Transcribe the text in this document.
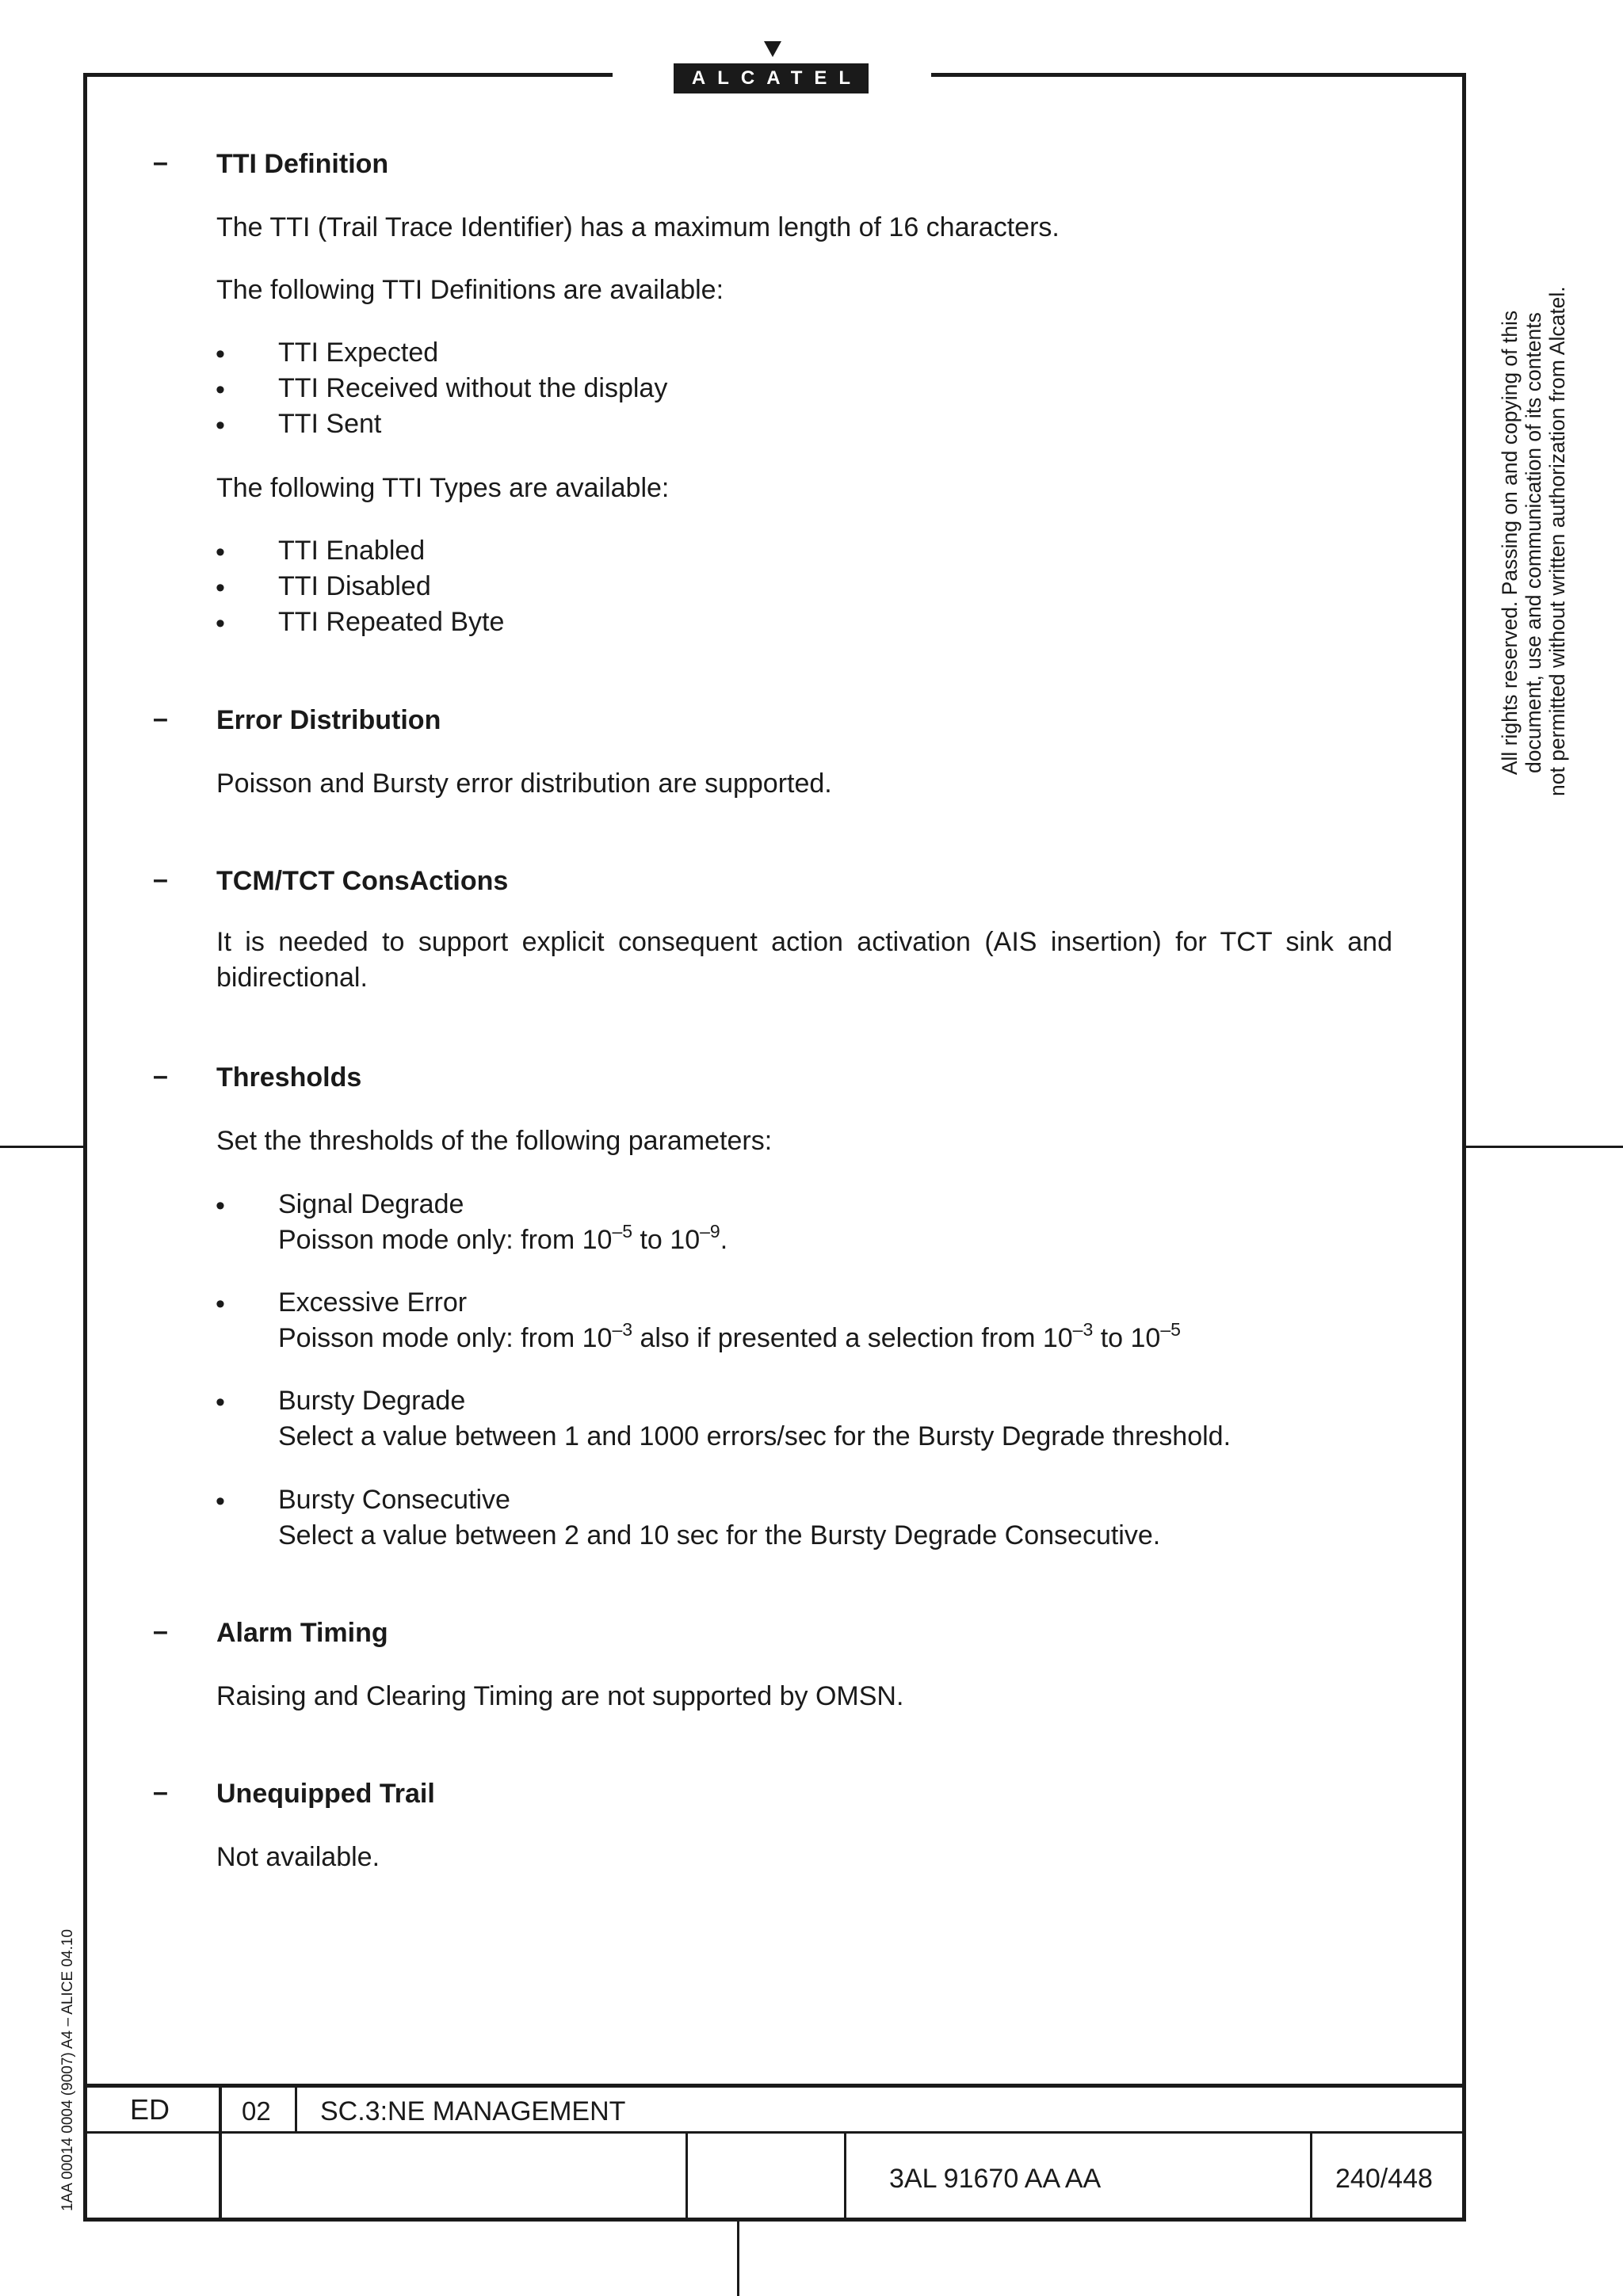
ALCATEL
All rights reserved. Passing on and copying of this document, use and communication of its contents not permitted without written authorization from Alcatel.
1AA 00014 0004 (9007) A4 – ALICE 04.10
– TTI Definition
The TTI (Trail Trace Identifier) has a maximum length of 16 characters.
The following TTI Definitions are available:
• TTI Expected
• TTI Received without the display
• TTI Sent
The following TTI Types are available:
• TTI Enabled
• TTI Disabled
• TTI Repeated Byte
– Error Distribution
Poisson and Bursty error distribution are supported.
– TCM/TCT ConsActions
It is needed to support explicit consequent action activation (AIS insertion) for TCT sink and bidirectional.
– Thresholds
Set the thresholds of the following parameters:
• Signal Degrade
Poisson mode only: from $10^{-5}$ to $10^{-9}$.
• Excessive Error
Poisson mode only: from $10^{-3}$ also if presented a selection from $10^{-3}$ to $10^{-5}$
• Bursty Degrade
Select a value between 1 and 1000 errors/sec for the Bursty Degrade threshold.
• Bursty Consecutive
Select a value between 2 and 10 sec for the Bursty Degrade Consecutive.
– Alarm Timing
Raising and Clearing Timing are not supported by OMSN.
– Unequipped Trail
Not available.
ED	02 SC.3:NE MANAGEMENT
3AL 91670 AA AA	240/448
